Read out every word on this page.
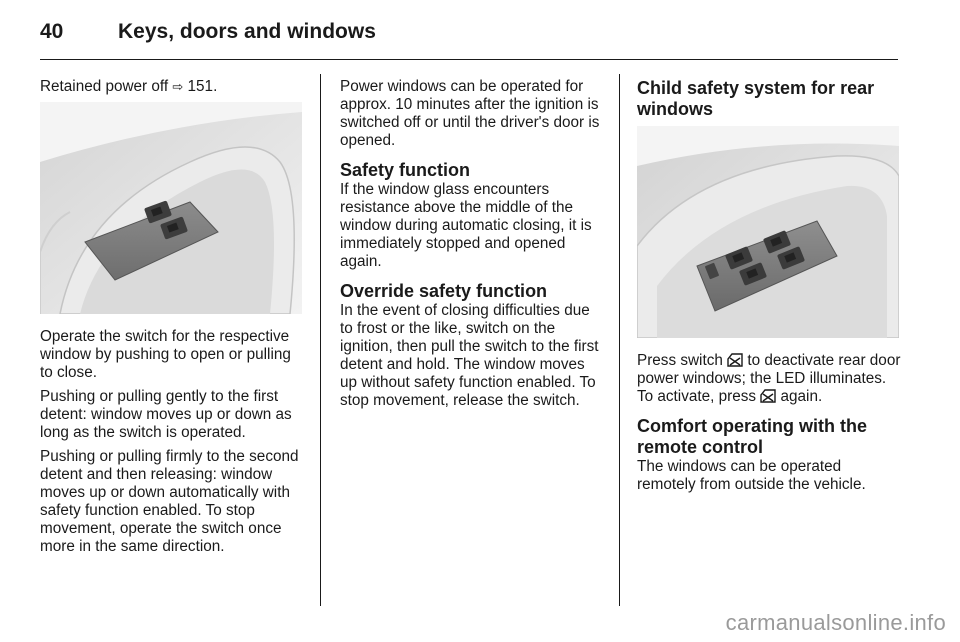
40	Keys, doors and windows

Retained power off ⇨ 151.

Operate the switch for the respective window by pushing to open or pulling to close.

Pushing or pulling gently to the first detent: window moves up or down as long as the switch is operated.

Pushing or pulling firmly to the second detent and then releasing: window moves up or down automatically with safety function enabled. To stop movement, operate the switch once more in the same direction.

Power windows can be operated for approx. 10 minutes after the ignition is switched off or until the driver's door is opened.

Safety function

If the window glass encounters resistance above the middle of the window during automatic closing, it is immediately stopped and opened again.

Override safety function

In the event of closing difficulties due to frost or the like, switch on the ignition, then pull the switch to the first detent and hold. The window moves up without safety function enabled. To stop movement, release the switch.

Child safety system for rear windows

Press switch to deactivate rear door power windows; the LED illuminates. To activate, press again.

Comfort operating with the remote control

The windows can be operated remotely from outside the vehicle.

carmanualsonline.info
